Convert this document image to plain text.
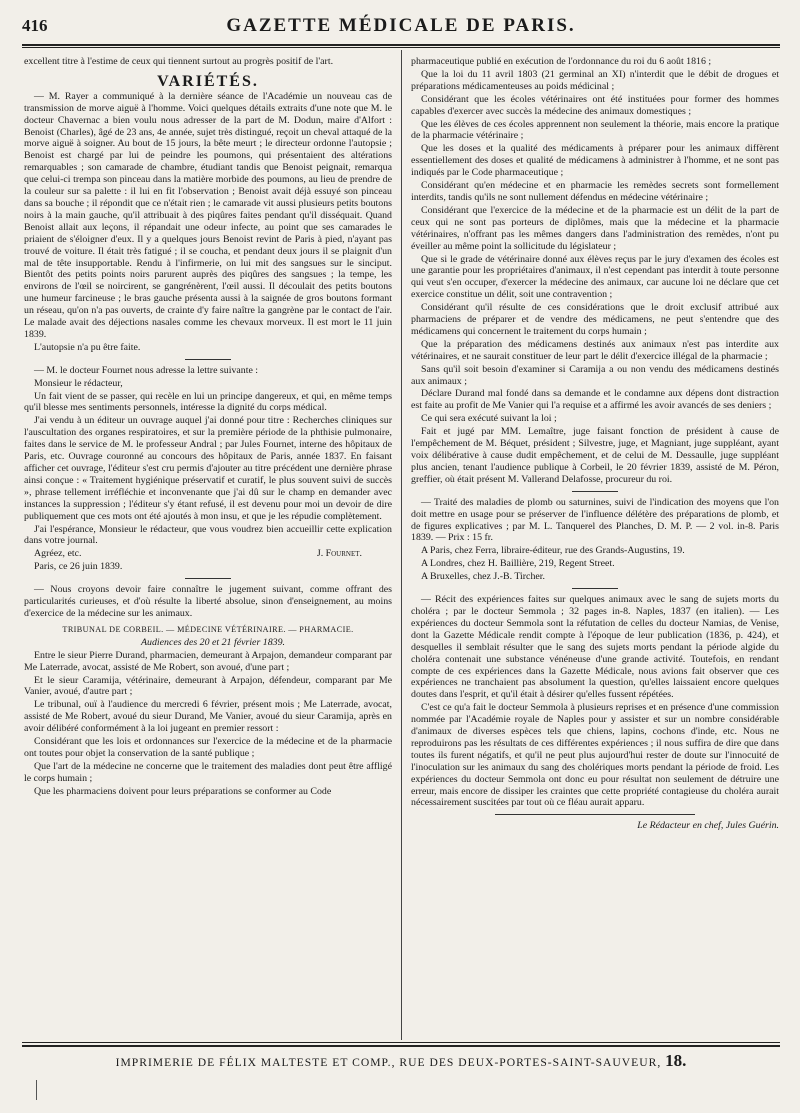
416	GAZETTE MÉDICALE DE PARIS.

excellent titre à l'estime de ceux qui tiennent surtout au progrès positif de l'art.

VARIÉTÉS.

— M. Rayer a communiqué à la dernière séance de l'Académie un nouveau cas de transmission de morve aiguë à l'homme. Voici quelques détails extraits d'une note que M. le docteur Chavernac a bien voulu nous adresser de la part de M. Dodun, maire d'Alfort : Benoist (Charles), âgé de 23 ans, 4e année, sujet très distingué, reçoit un cheval attaqué de la morve aiguë à soigner. Au bout de 15 jours, la bête meurt ; le directeur ordonne l'autopsie ; Benoist est chargé par lui de peindre les poumons, qui présentaient des altérations remarquables ; son camarade de chambre, étudiant tandis que Benoist peignait, remarqua que celui-ci trempa son pinceau dans la matière morbide des poumons, au lieu de prendre de la couleur sur sa palette : il lui en fit l'observation ; Benoist avait déjà essuyé son pinceau dans sa bouche ; il répondit que ce n'était rien ; le camarade vit aussi plusieurs petits boutons noirs à la main gauche, qu'il attribuait à des piqûres faites pendant qu'il disséquait. Quand Benoist allait aux leçons, il répandait une odeur infecte, au point que ses camarades le priaient de s'éloigner d'eux. Il y a quelques jours Benoist revint de Paris à pied, n'ayant pas trouvé de voiture. Il était très fatigué ; il se coucha, et pendant deux jours il se plaignit d'un mal de tête insupportable. Rendu à l'infirmerie, on lui mit des sangsues sur le sinciput. Bientôt des petits points noirs parurent auprès des piqûres des sangsues ; la tempe, les environs de l'œil se noircirent, se gangrénèrent, l'œil aussi. Il découlait des petits boutons une humeur farcineuse ; le bras gauche présenta aussi à la saignée de gros boutons formant un réseau, qu'on n'a pas ouverts, de crainte d'y faire naître la gangrène par le contact de l'air. Le malade avait des déjections nasales comme les chevaux morveux. Il est mort le 11 juin 1839.

L'autopsie n'a pu être faite.

— M. le docteur Fournet nous adresse la lettre suivante :

Monsieur le rédacteur,

Un fait vient de se passer, qui recèle en lui un principe dangereux, et qui, en même temps qu'il blesse mes sentiments personnels, intéresse la dignité du corps médical.

J'ai vendu à un éditeur un ouvrage auquel j'ai donné pour titre : Recherches cliniques sur l'auscultation des organes respiratoires, et sur la première période de la phthisie pulmonaire, faites dans le service de M. le professeur Andral ; par Jules Fournet, interne des hôpitaux de Paris, etc. Ouvrage couronné au concours des hôpitaux de Paris, année 1837. En faisant afficher cet ouvrage, l'éditeur s'est cru permis d'ajouter au titre précédent une dernière phrase ainsi conçue : « Traitement hygiénique préservatif et curatif, le plus souvent suivi de succès », phrase tellement irréfléchie et inconvenante que j'ai dû sur le champ en demander avec instances la suppression ; l'éditeur s'y étant refusé, il est devenu pour moi un devoir de dire publiquement que ces mots ont été ajoutés à mon insu, et que je les répudie complètement.

J'ai l'espérance, Monsieur le rédacteur, que vous voudrez bien accueillir cette explication dans votre journal.

Agréez, etc.	J. Fournet.

Paris, ce 26 juin 1839.

— Nous croyons devoir faire connaître le jugement suivant, comme offrant des particularités curieuses, et d'où résulte la liberté absolue, sinon d'enseignement, au moins d'exercice de la médecine sur les animaux.

TRIBUNAL DE CORBEIL. — MÉDECINE VÉTÉRINAIRE. — PHARMACIE.

Audiences des 20 et 21 février 1839.

Entre le sieur Pierre Durand, pharmacien, demeurant à Arpajon, demandeur comparant par Me Laterrade, avocat, assisté de Me Robert, son avoué, d'une part ;

Et le sieur Caramija, vétérinaire, demeurant à Arpajon, défendeur, comparant par Me Vanier, avoué, d'autre part ;

Le tribunal, ouï à l'audience du mercredi 6 février, présent mois ; Me Laterrade, avocat, assisté de Me Robert, avoué du sieur Durand, Me Vanier, avoué du sieur Caramija, après en avoir délibéré conformément à la loi jugeant en premier ressort :

Considérant que les lois et ordonnances sur l'exercice de la médecine et de la pharmacie ont toutes pour objet la conservation de la santé publique ;

Que l'art de la médecine ne concerne que le traitement des maladies dont peut être affligé le corps humain ;

Que les pharmaciens doivent pour leurs préparations se conformer au Code

pharmaceutique publié en exécution de l'ordonnance du roi du 6 août 1816 ;

Que la loi du 11 avril 1803 (21 germinal an XI) n'interdit que le débit de drogues et préparations médicamenteuses au poids médicinal ;

Considérant que les écoles vétérinaires ont été instituées pour former des hommes capables d'exercer avec succès la médecine des animaux domestiques ;

Que les élèves de ces écoles apprennent non seulement la théorie, mais encore la pratique de la pharmacie vétérinaire ;

Que les doses et la qualité des médicaments à préparer pour les animaux diffèrent essentiellement des doses et qualité de médicamens à administrer à l'homme, et ne sont pas indiqués par le Code pharmaceutique ;

Considérant qu'en médecine et en pharmacie les remèdes secrets sont formellement interdits, tandis qu'ils ne sont nullement défendus en médecine vétérinaire ;

Considérant que l'exercice de la médecine et de la pharmacie est un délit de la part de ceux qui ne sont pas porteurs de diplômes, mais que la médecine et la pharmacie vétérinaires, n'offrant pas les mêmes dangers dans l'administration des remèdes, n'ont pu éveiller au même point la sollicitude du législateur ;

Que si le grade de vétérinaire donné aux élèves reçus par le jury d'examen des écoles est une garantie pour les propriétaires d'animaux, il n'est cependant pas interdit à toute personne qui veut s'en occuper, d'exercer la médecine des animaux, car aucune loi ne déclare que cet exercice constitue un délit, soit une contravention ;

Considérant qu'il résulte de ces considérations que le droit exclusif attribué aux pharmaciens de préparer et de vendre des médicamens, ne peut s'entendre que des médicamens qui concernent le traitement du corps humain ;

Que la préparation des médicamens destinés aux animaux n'est pas interdite aux vétérinaires, et ne saurait constituer de leur part le délit d'exercice illégal de la pharmacie ;

Sans qu'il soit besoin d'examiner si Caramija a ou non vendu des médicamens destinés aux animaux ;

Déclare Durand mal fondé dans sa demande et le condamne aux dépens dont distraction est faite au profit de Me Vanier qui l'a requise et a affirmé les avoir avancés de ses deniers ;

Ce qui sera exécuté suivant la loi ;

Fait et jugé par MM. Lemaître, juge faisant fonction de président à cause de l'empêchement de M. Béquet, président ; Silvestre, juge, et Magniant, juge suppléant, ayant voix délibérative à cause dudit empêchement, et de celui de M. Dessaulle, juge suppléant plus ancien, tenant l'audience publique à Corbeil, le 20 février 1839, assisté de M. Péron, greffier, où était présent M. Vallerand Delafosse, procureur du roi.

— Traité des maladies de plomb ou saturnines, suivi de l'indication des moyens que l'on doit mettre en usage pour se préserver de l'influence délétère des préparations de plomb, et de figures explicatives ; par M. L. Tanquerel des Planches, D. M. P. — 2 vol. in-8. Paris 1839. — Prix : 15 fr.

A Paris, chez Ferra, libraire-éditeur, rue des Grands-Augustins, 19.

A Londres, chez H. Baillière, 219, Regent Street.

A Bruxelles, chez J.-B. Tircher.

— Récit des expériences faites sur quelques animaux avec le sang de sujets morts du choléra ; par le docteur Semmola ; 32 pages in-8. Naples, 1837 (en italien). — Les expériences du docteur Semmola sont la réfutation de celles du docteur Namias, de Venise, dont la Gazette Médicale rendit compte à l'époque de leur publication (1836, p. 424), et desquelles il semblait résulter que le sang des sujets morts pendant la période algide du choléra contenait une substance vénéneuse d'une grande activité. Toutefois, en rendant compte de ces expériences dans la Gazette Médicale, nous avions fait observer que ces expériences ne tranchaient pas absolument la question, qu'elles laissaient encore quelques doutes dans l'esprit, et qu'il était à désirer qu'elles fussent répétées.

C'est ce qu'a fait le docteur Semmola à plusieurs reprises et en présence d'une commission nommée par l'Académie royale de Naples pour y assister et sur un nombre considérable d'animaux de diverses espèces tels que chiens, lapins, cochons d'inde, etc. Nous ne reproduirons pas les résultats de ces différentes expériences ; il nous suffira de dire que dans toutes ils furent négatifs, et qu'il ne peut plus aujourd'hui rester de doute sur l'innocuité de l'inoculation sur les animaux du sang des cholériques morts pendant la période de froid. Les expériences du docteur Semmola ont donc eu pour résultat non seulement de détruire une erreur, mais encore de dissiper les craintes que cette propriété contagieuse du choléra aurait nécessairement suscitées par tout où ce fléau aurait apparu.

Le Rédacteur en chef, Jules Guérin.

IMPRIMERIE DE FÉLIX MALTESTE ET COMP., RUE DES DEUX-PORTES-SAINT-SAUVEUR, 18.
